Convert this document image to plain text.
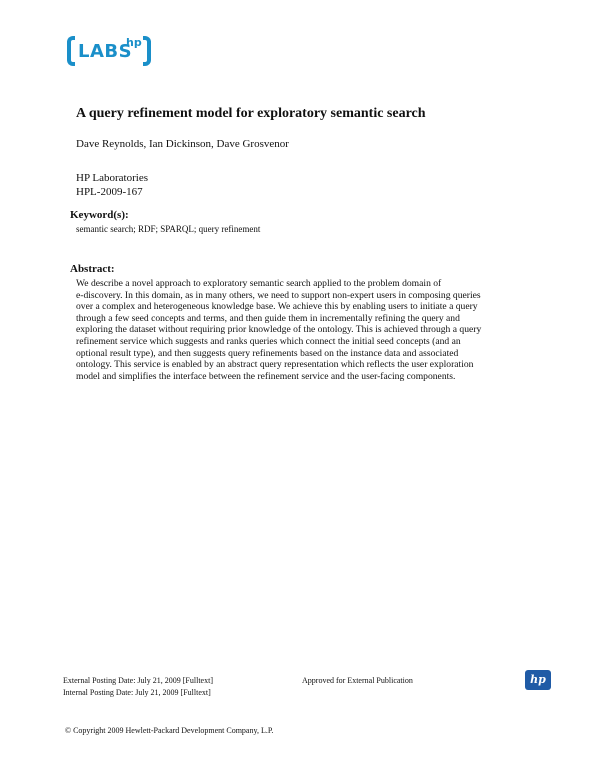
LABS
hp
A query refinement model for exploratory semantic search
Dave Reynolds, Ian Dickinson, Dave Grosvenor
HP Laboratories
HPL-2009-167
Keyword(s):
semantic search; RDF; SPARQL; query refinement
Abstract:
We describe a novel approach to exploratory semantic search applied to the problem domain of
e-discovery. In this domain, as in many others, we need to support non-expert users in composing queries
over a complex and heterogeneous knowledge base. We achieve this by enabling users to initiate a query
through a few seed concepts and terms, and then guide them in incrementally refining the query and
exploring the dataset without requiring prior knowledge of the ontology. This is achieved through a query
refinement service which suggests and ranks queries which connect the initial seed concepts (and an
optional result type), and then suggests query refinements based on the instance data and associated
ontology. This service is enabled by an abstract query representation which reflects the user exploration
model and simplifies the interface between the refinement service and the user-facing components.
External Posting Date: July 21, 2009 [Fulltext]
Internal Posting Date: July 21, 2009 [Fulltext]
Approved for External Publication	hp
© Copyright 2009 Hewlett-Packard Development Company, L.P.
